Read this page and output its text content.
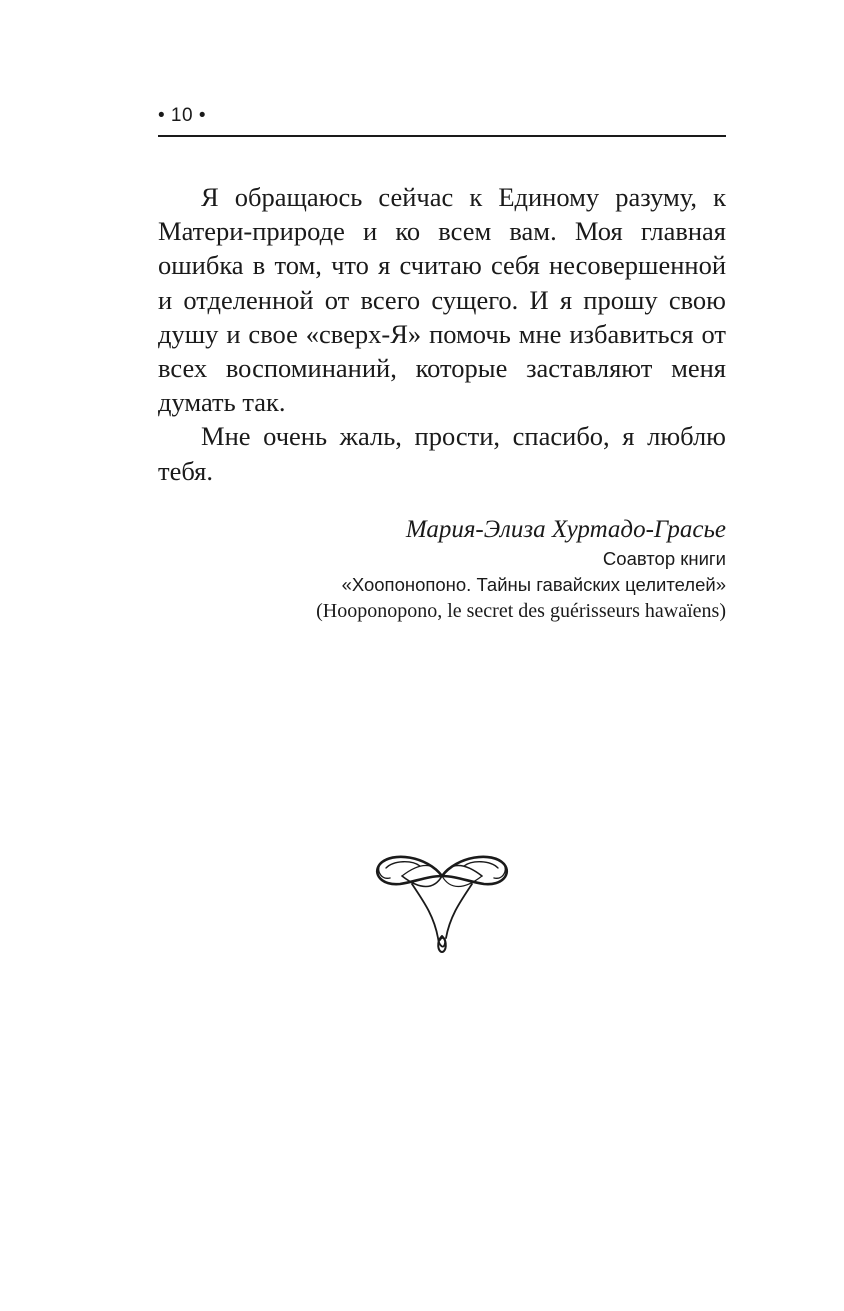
• 10 •

Я обращаюсь сейчас к Единому разуму, к Матери-природе и ко всем вам. Моя главная ошибка в том, что я считаю себя несовершенной и отделенной от всего сущего. И я прошу свою душу и свое «сверх-Я» помочь мне избавиться от всех воспоминаний, которые заставляют меня думать так.

Мне очень жаль, прости, спасибо, я люблю тебя.

Мария-Элиза Хуртадо-Грасье
Соавтор книги
«Хоопонопоно. Тайны гавайских целителей»
(Hooponopono, le secret des guérisseurs hawaïens)
